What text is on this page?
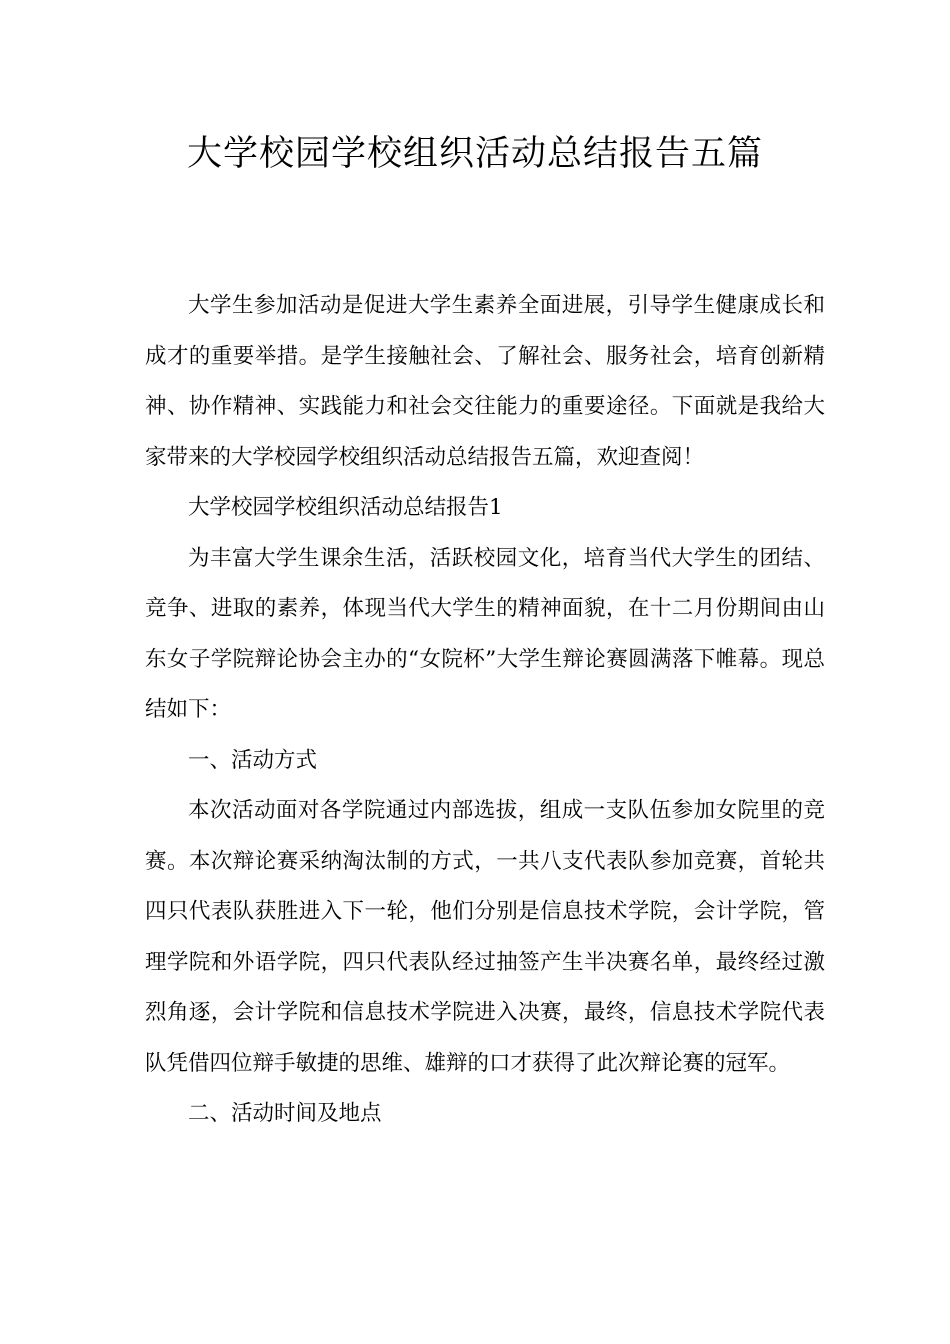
大学校园学校组织活动总结报告五篇

大学生参加活动是促进大学生素养全面进展，引导学生健康成长和成才的重要举措。是学生接触社会、了解社会、服务社会，培育创新精神、协作精神、实践能力和社会交往能力的重要途径。下面就是我给大家带来的大学校园学校组织活动总结报告五篇，欢迎查阅！

大学校园学校组织活动总结报告1

为丰富大学生课余生活，活跃校园文化，培育当代大学生的团结、竞争、进取的素养，体现当代大学生的精神面貌，在十二月份期间由山东女子学院辩论协会主办的“女院杯”大学生辩论赛圆满落下帷幕。现总结如下：

一、活动方式

本次活动面对各学院通过内部选拔，组成一支队伍参加女院里的竞赛。本次辩论赛采纳淘汰制的方式，一共八支代表队参加竞赛，首轮共四只代表队获胜进入下一轮，他们分别是信息技术学院，会计学院，管理学院和外语学院，四只代表队经过抽签产生半决赛名单，最终经过激烈角逐，会计学院和信息技术学院进入决赛，最终，信息技术学院代表队凭借四位辩手敏捷的思维、雄辩的口才获得了此次辩论赛的冠军。

二、活动时间及地点
